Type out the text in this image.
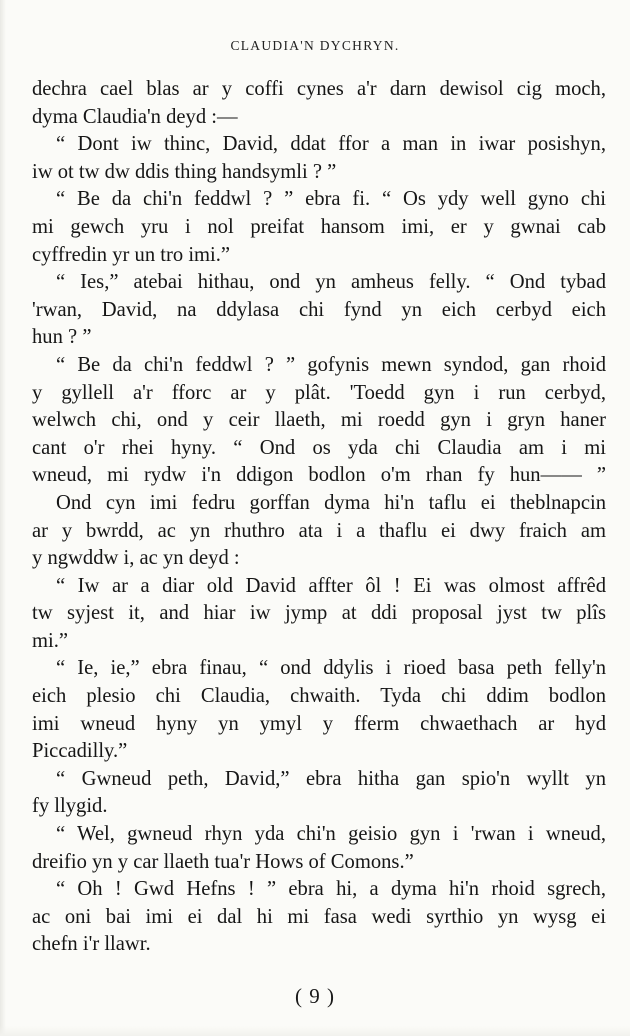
CLAUDIA'N DYCHRYN.
dechra cael blas ar y coffi cynes a'r darn dewisol cig moch,
dyma Claudia'n deyd :—
“ Dont iw thinc, David, ddat ffor a man in iwar posishyn,
iw ot tw dw ddis thing handsymli ? ”
“ Be da chi'n feddwl ? ” ebra fi. “ Os ydy well gyno chi
mi gewch yru i nol preifat hansom imi, er y gwnai cab
cyffredin yr un tro imi.”
“ Ies,” atebai hithau, ond yn amheus felly. “ Ond tybad
'rwan, David, na ddylasa chi fynd yn eich cerbyd eich
hun ? ”
“ Be da chi'n feddwl ? ” gofynis mewn syndod, gan rhoid
y gyllell a'r fforc ar y plât. 'Toedd gyn i run cerbyd,
welwch chi, ond y ceir llaeth, mi roedd gyn i gryn haner
cant o'r rhei hyny. “ Ond os yda chi Claudia am i mi
wneud, mi rydw i'n ddigon bodlon o'm rhan fy hun—— ”
Ond cyn imi fedru gorffan dyma hi'n taflu ei theblnapcin
ar y bwrdd, ac yn rhuthro ata i a thaflu ei dwy fraich am
y ngwddw i, ac yn deyd :
“ Iw ar a diar old David affter ôl ! Ei was olmost affrêd
tw syjest it, and hiar iw jymp at ddi proposal jyst tw plîs
mi.”
“ Ie, ie,” ebra finau, “ ond ddylis i rioed basa peth felly'n
eich plesio chi Claudia, chwaith. Tyda chi ddim bodlon
imi wneud hyny yn ymyl y fferm chwaethach ar hyd
Piccadilly.”
“ Gwneud peth, David,” ebra hitha gan spio'n wyllt yn
fy llygid.
“ Wel, gwneud rhyn yda chi'n geisio gyn i 'rwan i wneud,
dreifio yn y car llaeth tua'r Hows of Comons.”
“ Oh ! Gwd Hefns ! ” ebra hi, a dyma hi'n rhoid sgrech,
ac oni bai imi ei dal hi mi fasa wedi syrthio yn wysg ei
chefn i'r llawr.
( 9 )
